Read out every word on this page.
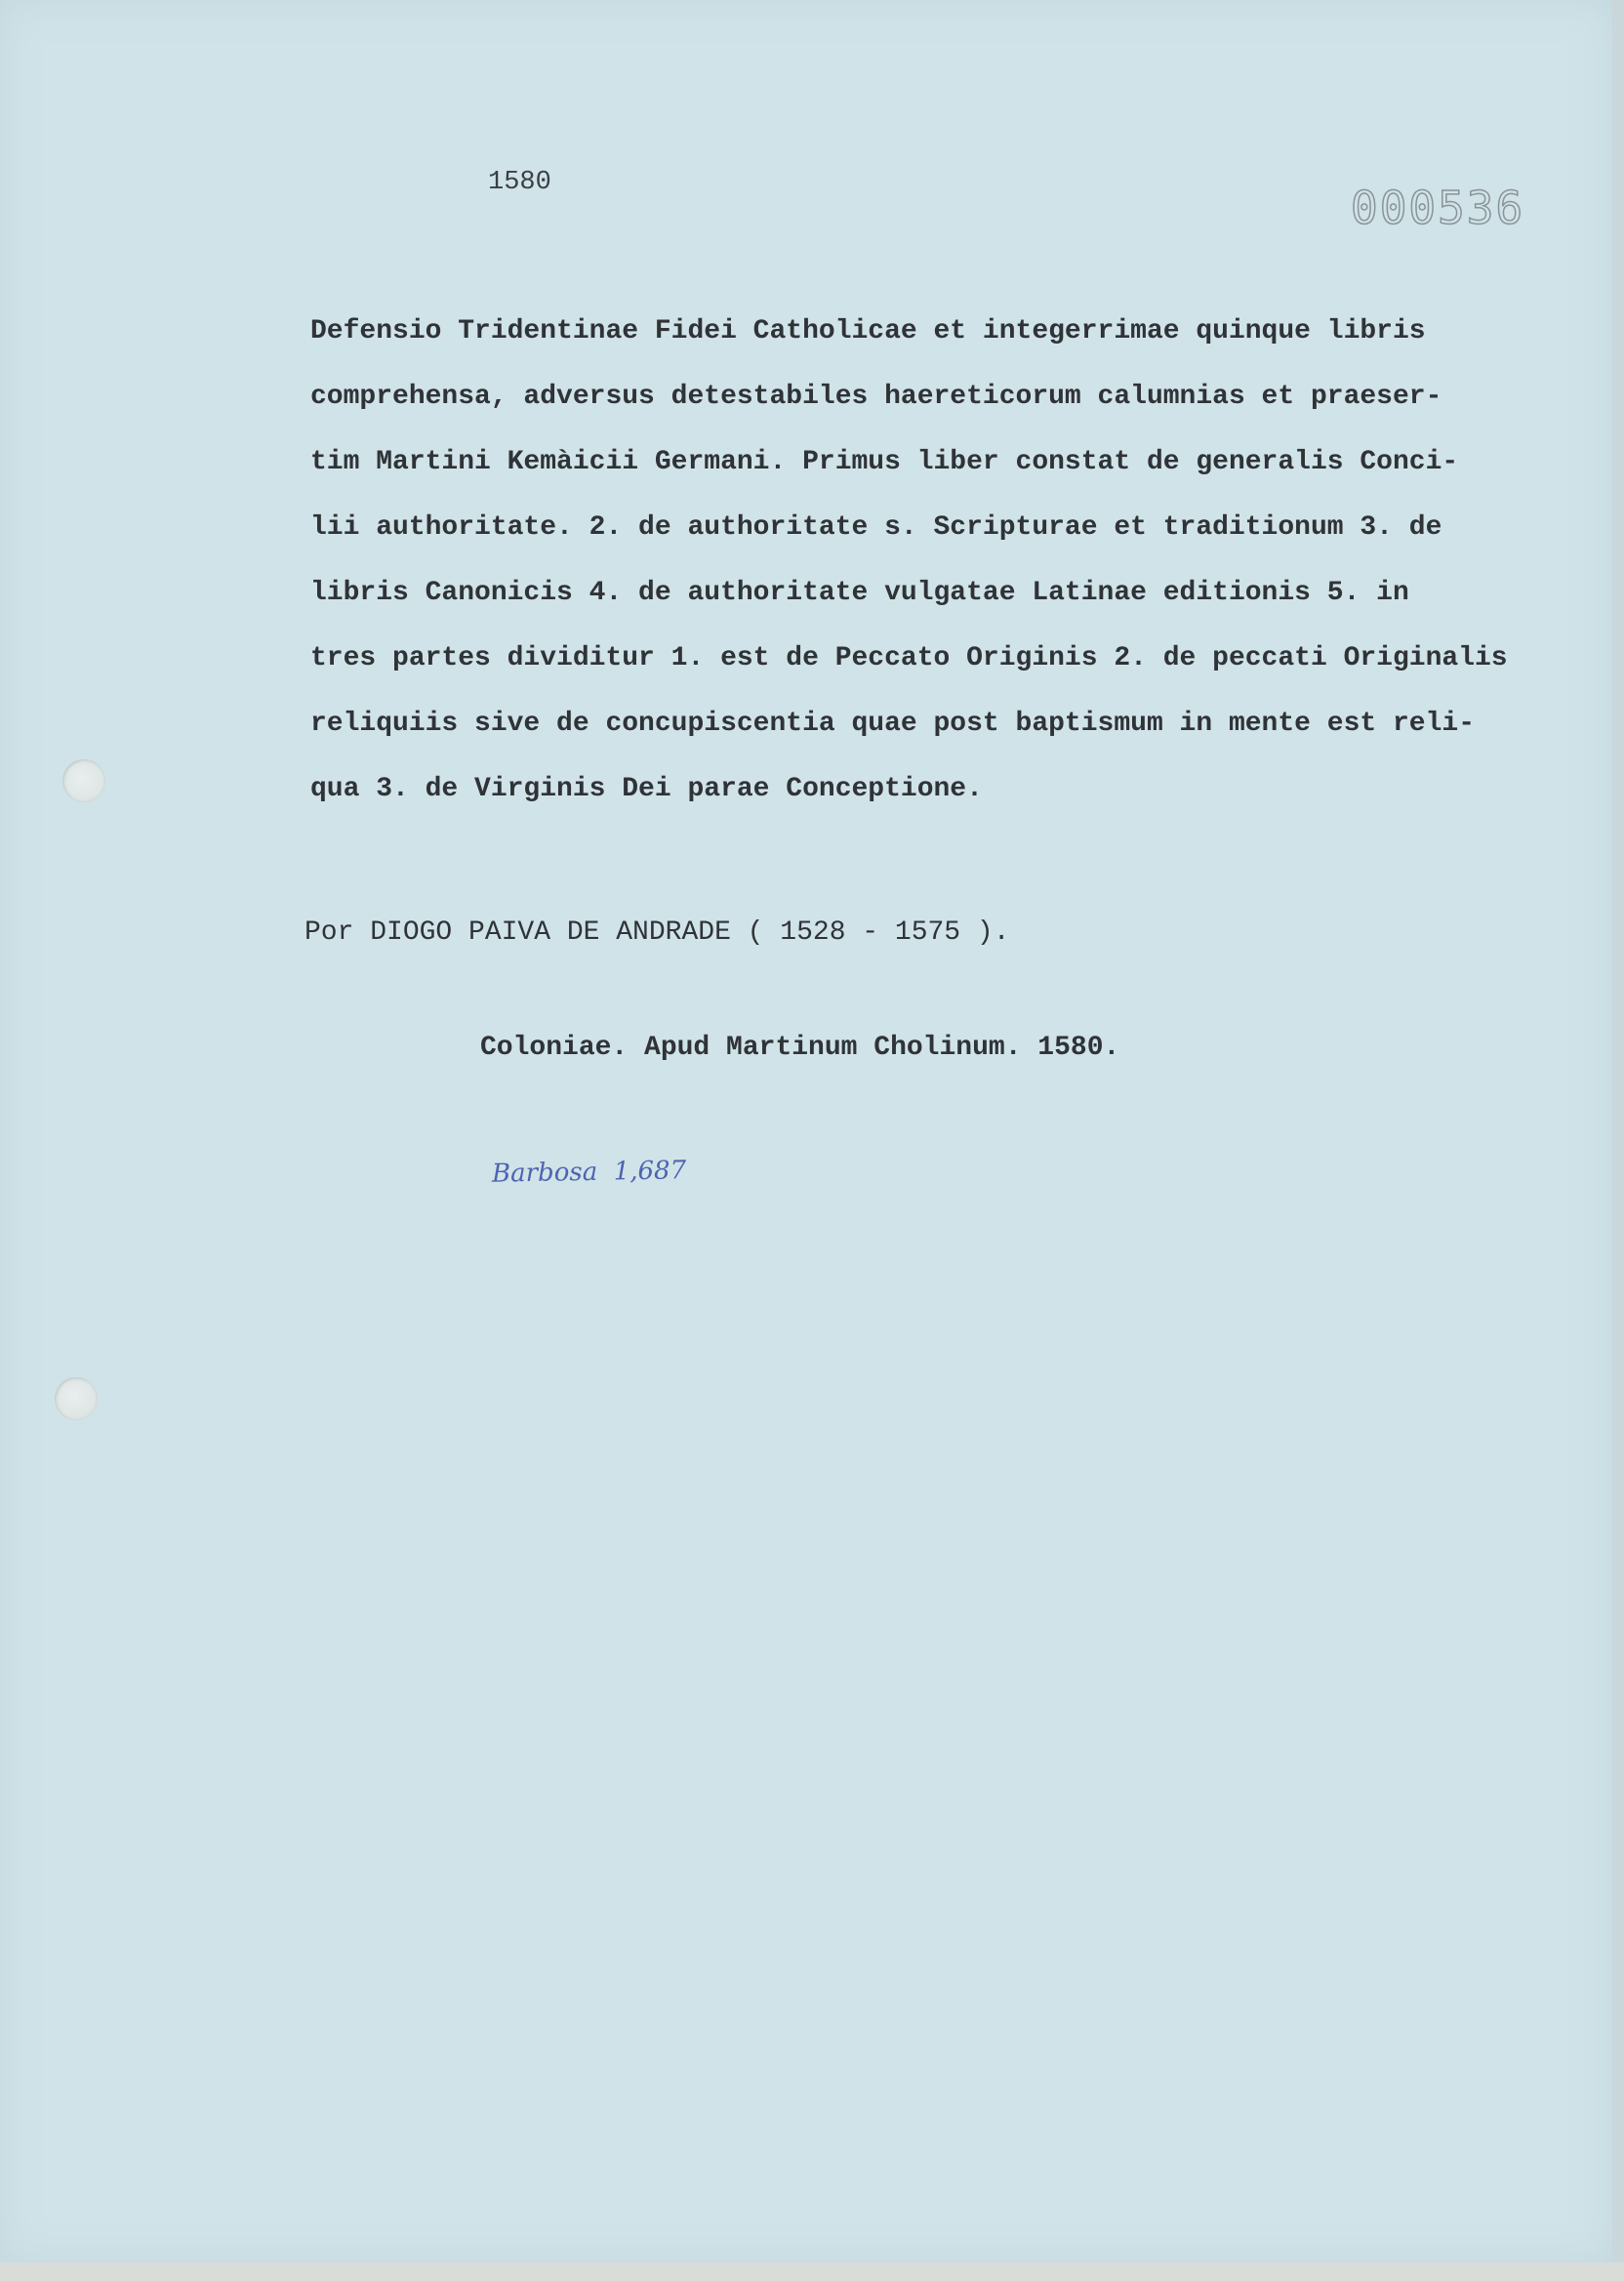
1580	000536
Defensio Tridentinae Fidei Catholicae et integerrimae quinque libris
comprehensa, adversus detestabiles haereticorum calumnias et praeser-
tim Martini Kemàicii Germani. Primus liber constat de generalis Conci-
lii authoritate. 2. de authoritate s. Scripturae et traditionum 3. de
libris Canonicis 4. de authoritate vulgatae Latinae editionis 5. in
tres partes dividitur 1. est de Peccato Originis 2. de peccati Originalis
reliquiis sive de concupiscentia quae post baptismum in mente est reli-
qua 3. de Virginis Dei parae Conceptione.
Por DIOGO PAIVA DE ANDRADE ( 1528 - 1575 ).
Coloniae. Apud Martinum Cholinum. 1580.
Barbosa  1,687
